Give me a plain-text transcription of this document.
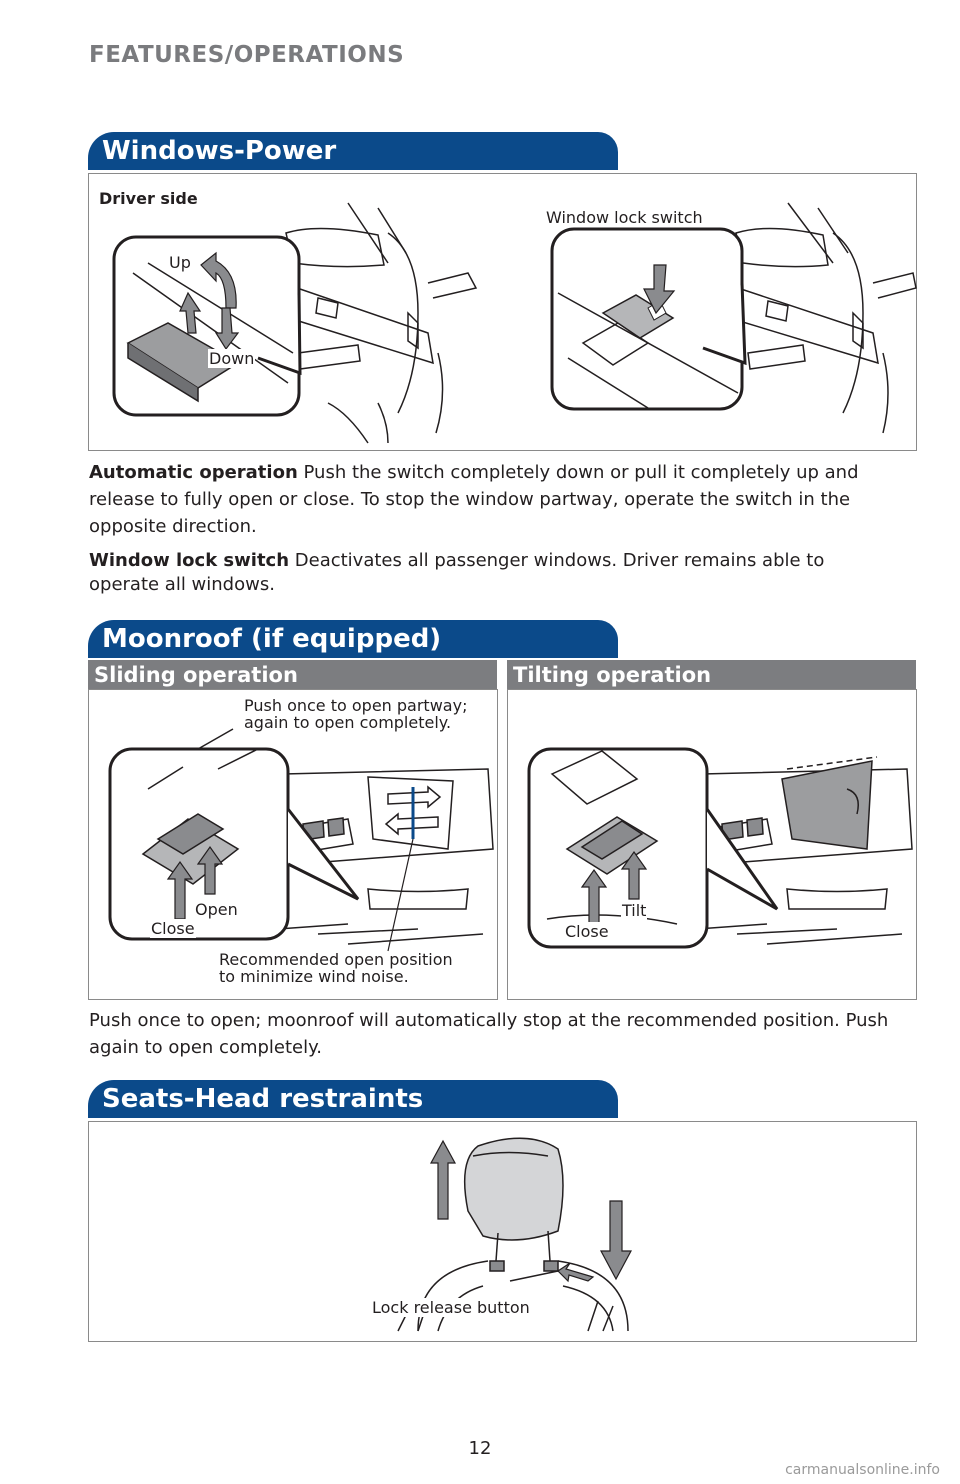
FEATURES/OPERATIONS
Windows-Power
Driver side
Up
Down
Window lock switch
Automatic operation Push the switch completely down or pull it completely up and release to fully open or close. To stop the window partway, operate the switch in the opposite direction.
Window lock switch Deactivates all passenger windows. Driver remains able to operate all windows.
Moonroof (if equipped)
Sliding operation	Tilting operation
Push once to open partway;
again to open completely.
Open
Close
Recommended open position
to minimize wind noise.
Tilt
Close
Push once to open; moonroof will automatically stop at the recommended position. Push again to open completely.
Seats-Head restraints
Lock release button
12
carmanualsonline.info
